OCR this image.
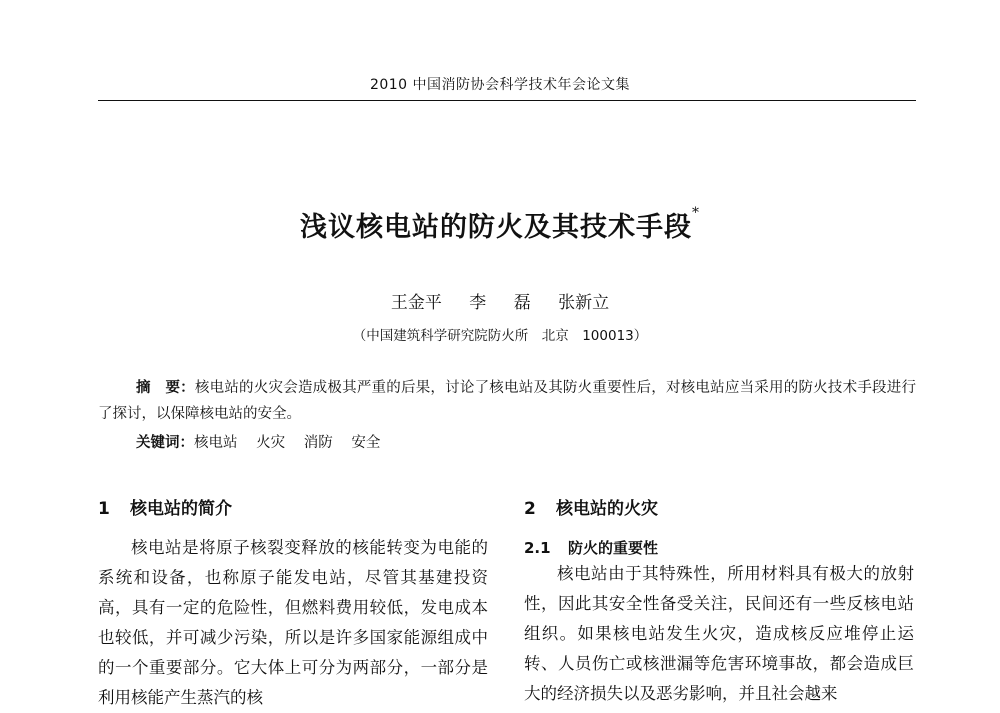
2010 中国消防协会科学技术年会论文集
浅议核电站的防火及其技术手段*
王金平 李 磊 张新立
（中国建筑科学研究院防火所　北京　100013）
摘　要：核电站的火灾会造成极其严重的后果，讨论了核电站及其防火重要性后，对核电站应当采用的防火技术手段进行了探讨，以保障核电站的安全。
关键词：核电站 火灾 消防 安全
1 核电站的简介

核电站是将原子核裂变释放的核能转变为电能的系统和设备，也称原子能发电站，尽管其基建投资高，具有一定的危险性，但燃料费用较低，发电成本也较低，并可减少污染，所以是许多国家能源组成中的一个重要部分。它大体上可分为两部分，一部分是利用核能产生蒸汽的核

2 核电站的火灾
2.1 防火的重要性

核电站由于其特殊性，所用材料具有极大的放射性，因此其安全性备受关注，民间还有一些反核电站组织。如果核电站发生火灾，造成核反应堆停止运转、人员伤亡或核泄漏等危害环境事故，都会造成巨大的经济损失以及恶劣影响，并且社会越来
